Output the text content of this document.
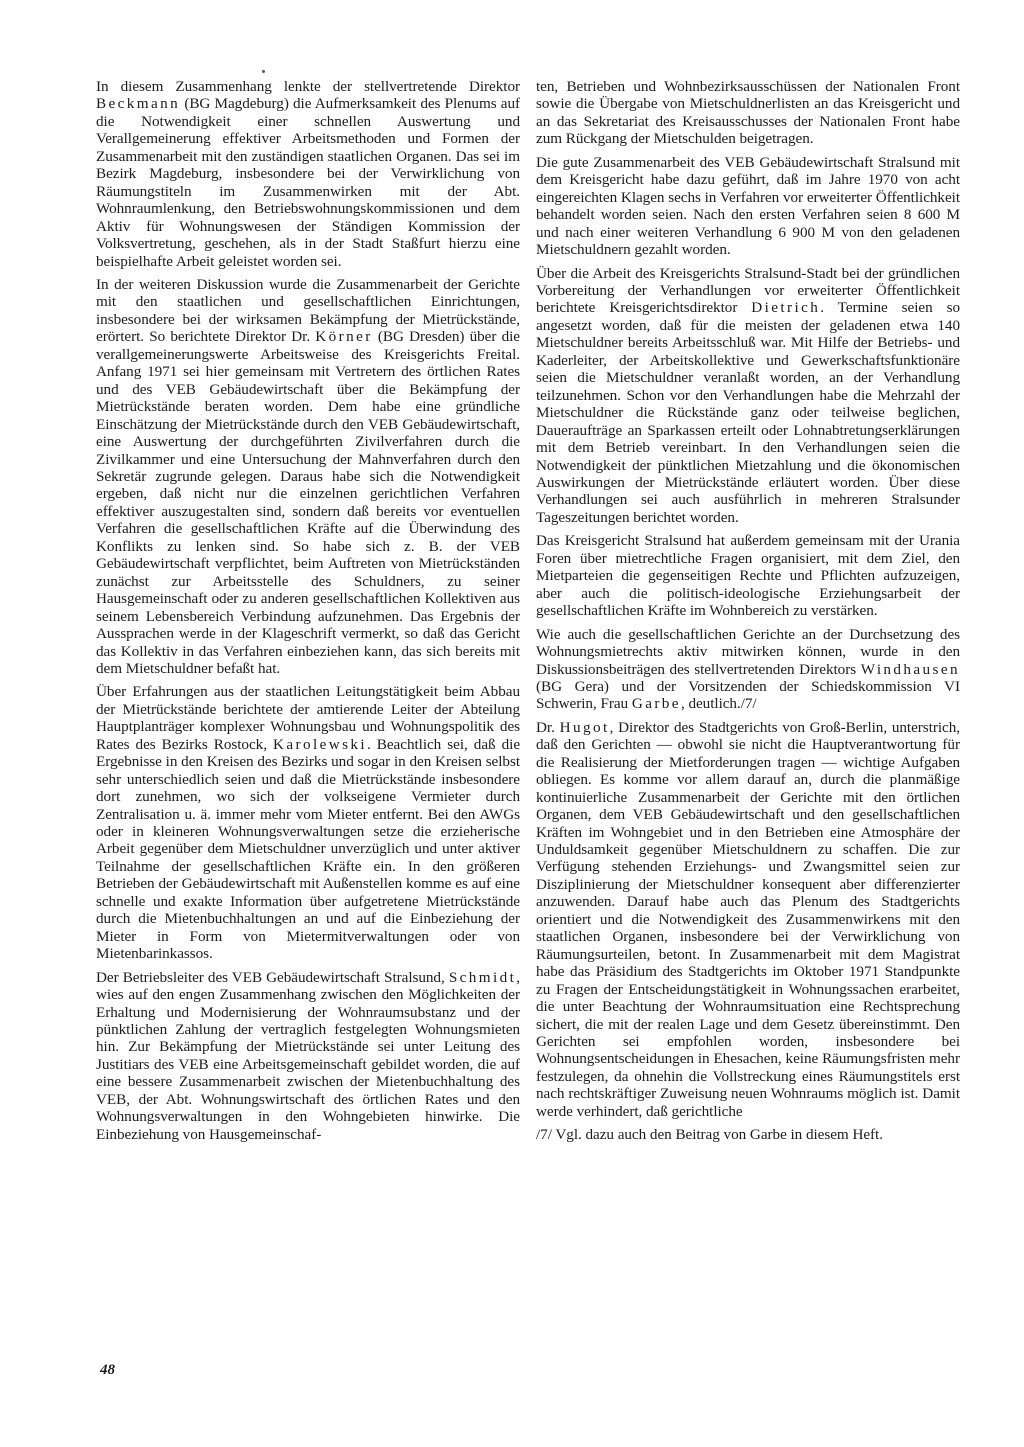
In diesem Zusammenhang lenkte der stellvertretende Direktor Beckmann (BG Magdeburg) die Aufmerksamkeit des Plenums auf die Notwendigkeit einer schnellen Auswertung und Verallgemeinerung effektiver Arbeitsmethoden und Formen der Zusammenarbeit mit den zuständigen staatlichen Organen. Das sei im Bezirk Magdeburg, insbesondere bei der Verwirklichung von Räumungstiteln im Zusammenwirken mit der Abt. Wohnraumlenkung, den Betriebswohnungskommissionen und dem Aktiv für Wohnungswesen der Ständigen Kommission der Volksvertretung, geschehen, als in der Stadt Staßfurt hierzu eine beispielhafte Arbeit geleistet worden sei.

In der weiteren Diskussion wurde die Zusammenarbeit der Gerichte mit den staatlichen und gesellschaftlichen Einrichtungen, insbesondere bei der wirksamen Bekämpfung der Mietrückstände, erörtert. So berichtete Direktor Dr. Körner (BG Dresden) über die verallgemeinerungswerte Arbeitsweise des Kreisgerichts Freital. Anfang 1971 sei hier gemeinsam mit Vertretern des örtlichen Rates und des VEB Gebäudewirtschaft über die Bekämpfung der Mietrückstände beraten worden. Dem habe eine gründliche Einschätzung der Mietrückstände durch den VEB Gebäudewirtschaft, eine Auswertung der durchgeführten Zivilverfahren durch die Zivilkammer und eine Untersuchung der Mahnverfahren durch den Sekretär zugrunde gelegen. Daraus habe sich die Notwendigkeit ergeben, daß nicht nur die einzelnen gerichtlichen Verfahren effektiver auszugestalten sind, sondern daß bereits vor eventuellen Verfahren die gesellschaftlichen Kräfte auf die Überwindung des Konflikts zu lenken sind. So habe sich z. B. der VEB Gebäudewirtschaft verpflichtet, beim Auftreten von Mietrückständen zunächst zur Arbeitsstelle des Schuldners, zu seiner Hausgemeinschaft oder zu anderen gesellschaftlichen Kollektiven aus seinem Lebensbereich Verbindung aufzunehmen. Das Ergebnis der Aussprachen werde in der Klageschrift vermerkt, so daß das Gericht das Kollektiv in das Verfahren einbeziehen kann, das sich bereits mit dem Mietschuldner befaßt hat.

Über Erfahrungen aus der staatlichen Leitungstätigkeit beim Abbau der Mietrückstände berichtete der amtierende Leiter der Abteilung Hauptplanträger komplexer Wohnungsbau und Wohnungspolitik des Rates des Bezirks Rostock, Karolewski. Beachtlich sei, daß die Ergebnisse in den Kreisen des Bezirks und sogar in den Kreisen selbst sehr unterschiedlich seien und daß die Mietrückstände insbesondere dort zunehmen, wo sich der volkseigene Vermieter durch Zentralisation u. ä. immer mehr vom Mieter entfernt. Bei den AWGs oder in kleineren Wohnungsverwaltungen setze die erzieherische Arbeit gegenüber dem Mietschuldner unverzüglich und unter aktiver Teilnahme der gesellschaftlichen Kräfte ein. In den größeren Betrieben der Gebäudewirtschaft mit Außenstellen komme es auf eine schnelle und exakte Information über aufgetretene Mietrückstände durch die Mietenbuchhaltungen an und auf die Einbeziehung der Mieter in Form von Mietermitverwaltungen oder von Mietenbarinkassos.

Der Betriebsleiter des VEB Gebäudewirtschaft Stralsund, Schmidt, wies auf den engen Zusammenhang zwischen den Möglichkeiten der Erhaltung und Modernisierung der Wohnraumsubstanz und der pünktlichen Zahlung der vertraglich festgelegten Wohnungsmieten hin. Zur Bekämpfung der Mietrückstände sei unter Leitung des Justitiars des VEB eine Arbeitsgemeinschaft gebildet worden, die auf eine bessere Zusammenarbeit zwischen der Mietenbuchhaltung des VEB, der Abt. Wohnungswirtschaft des örtlichen Rates und den Wohnungsverwaltungen in den Wohngebieten hinwirke. Die Einbeziehung von Hausgemeinschaf-

ten, Betrieben und Wohnbezirksausschüssen der Nationalen Front sowie die Übergabe von Mietschuldnerlisten an das Kreisgericht und an das Sekretariat des Kreisausschusses der Nationalen Front habe zum Rückgang der Mietschulden beigetragen.

Die gute Zusammenarbeit des VEB Gebäudewirtschaft Stralsund mit dem Kreisgericht habe dazu geführt, daß im Jahre 1970 von acht eingereichten Klagen sechs in Verfahren vor erweiterter Öffentlichkeit behandelt worden seien. Nach den ersten Verfahren seien 8 600 M und nach einer weiteren Verhandlung 6 900 M von den geladenen Mietschuldnern gezahlt worden.

Über die Arbeit des Kreisgerichts Stralsund-Stadt bei der gründlichen Vorbereitung der Verhandlungen vor erweiterter Öffentlichkeit berichtete Kreisgerichtsdirektor Dietrich. Termine seien so angesetzt worden, daß für die meisten der geladenen etwa 140 Mietschuldner bereits Arbeitsschluß war. Mit Hilfe der Betriebs- und Kaderleiter, der Arbeitskollektive und Gewerkschaftsfunktionäre seien die Mietschuldner veranlaßt worden, an der Verhandlung teilzunehmen. Schon vor den Verhandlungen habe die Mehrzahl der Mietschuldner die Rückstände ganz oder teilweise beglichen, Daueraufträge an Sparkassen erteilt oder Lohnabtretungserklärungen mit dem Betrieb vereinbart. In den Verhandlungen seien die Notwendigkeit der pünktlichen Mietzahlung und die ökonomischen Auswirkungen der Mietrückstände erläutert worden. Über diese Verhandlungen sei auch ausführlich in mehreren Stralsunder Tageszeitungen berichtet worden.

Das Kreisgericht Stralsund hat außerdem gemeinsam mit der Urania Foren über mietrechtliche Fragen organisiert, mit dem Ziel, den Mietparteien die gegenseitigen Rechte und Pflichten aufzuzeigen, aber auch die politisch-ideologische Erziehungsarbeit der gesellschaftlichen Kräfte im Wohnbereich zu verstärken.

Wie auch die gesellschaftlichen Gerichte an der Durchsetzung des Wohnungsmietrechts aktiv mitwirken können, wurde in den Diskussionsbeiträgen des stellvertretenden Direktors Windhausen (BG Gera) und der Vorsitzenden der Schiedskommission VI Schwerin, Frau Garbe, deutlich./7/

Dr. Hugot, Direktor des Stadtgerichts von Groß-Berlin, unterstrich, daß den Gerichten — obwohl sie nicht die Hauptverantwortung für die Realisierung der Mietforderungen tragen — wichtige Aufgaben obliegen. Es komme vor allem darauf an, durch die planmäßige kontinuierliche Zusammenarbeit der Gerichte mit den örtlichen Organen, dem VEB Gebäudewirtschaft und den gesellschaftlichen Kräften im Wohngebiet und in den Betrieben eine Atmosphäre der Unduldsamkeit gegenüber Mietschuldnern zu schaffen. Die zur Verfügung stehenden Erziehungs- und Zwangsmittel seien zur Disziplinierung der Mietschuldner konsequent aber differenzierter anzuwenden. Darauf habe auch das Plenum des Stadtgerichts orientiert und die Notwendigkeit des Zusammenwirkens mit den staatlichen Organen, insbesondere bei der Verwirklichung von Räumungsurteilen, betont. In Zusammenarbeit mit dem Magistrat habe das Präsidium des Stadtgerichts im Oktober 1971 Standpunkte zu Fragen der Entscheidungstätigkeit in Wohnungssachen erarbeitet, die unter Beachtung der Wohnraumsituation eine Rechtsprechung sichert, die mit der realen Lage und dem Gesetz übereinstimmt. Den Gerichten sei empfohlen worden, insbesondere bei Wohnungsentscheidungen in Ehesachen, keine Räumungsfristen mehr festzulegen, da ohnehin die Vollstreckung eines Räumungstitels erst nach rechtskräftiger Zuweisung neuen Wohnraums möglich ist. Damit werde verhindert, daß gerichtliche

/7/ Vgl. dazu auch den Beitrag von Garbe in diesem Heft.

48
